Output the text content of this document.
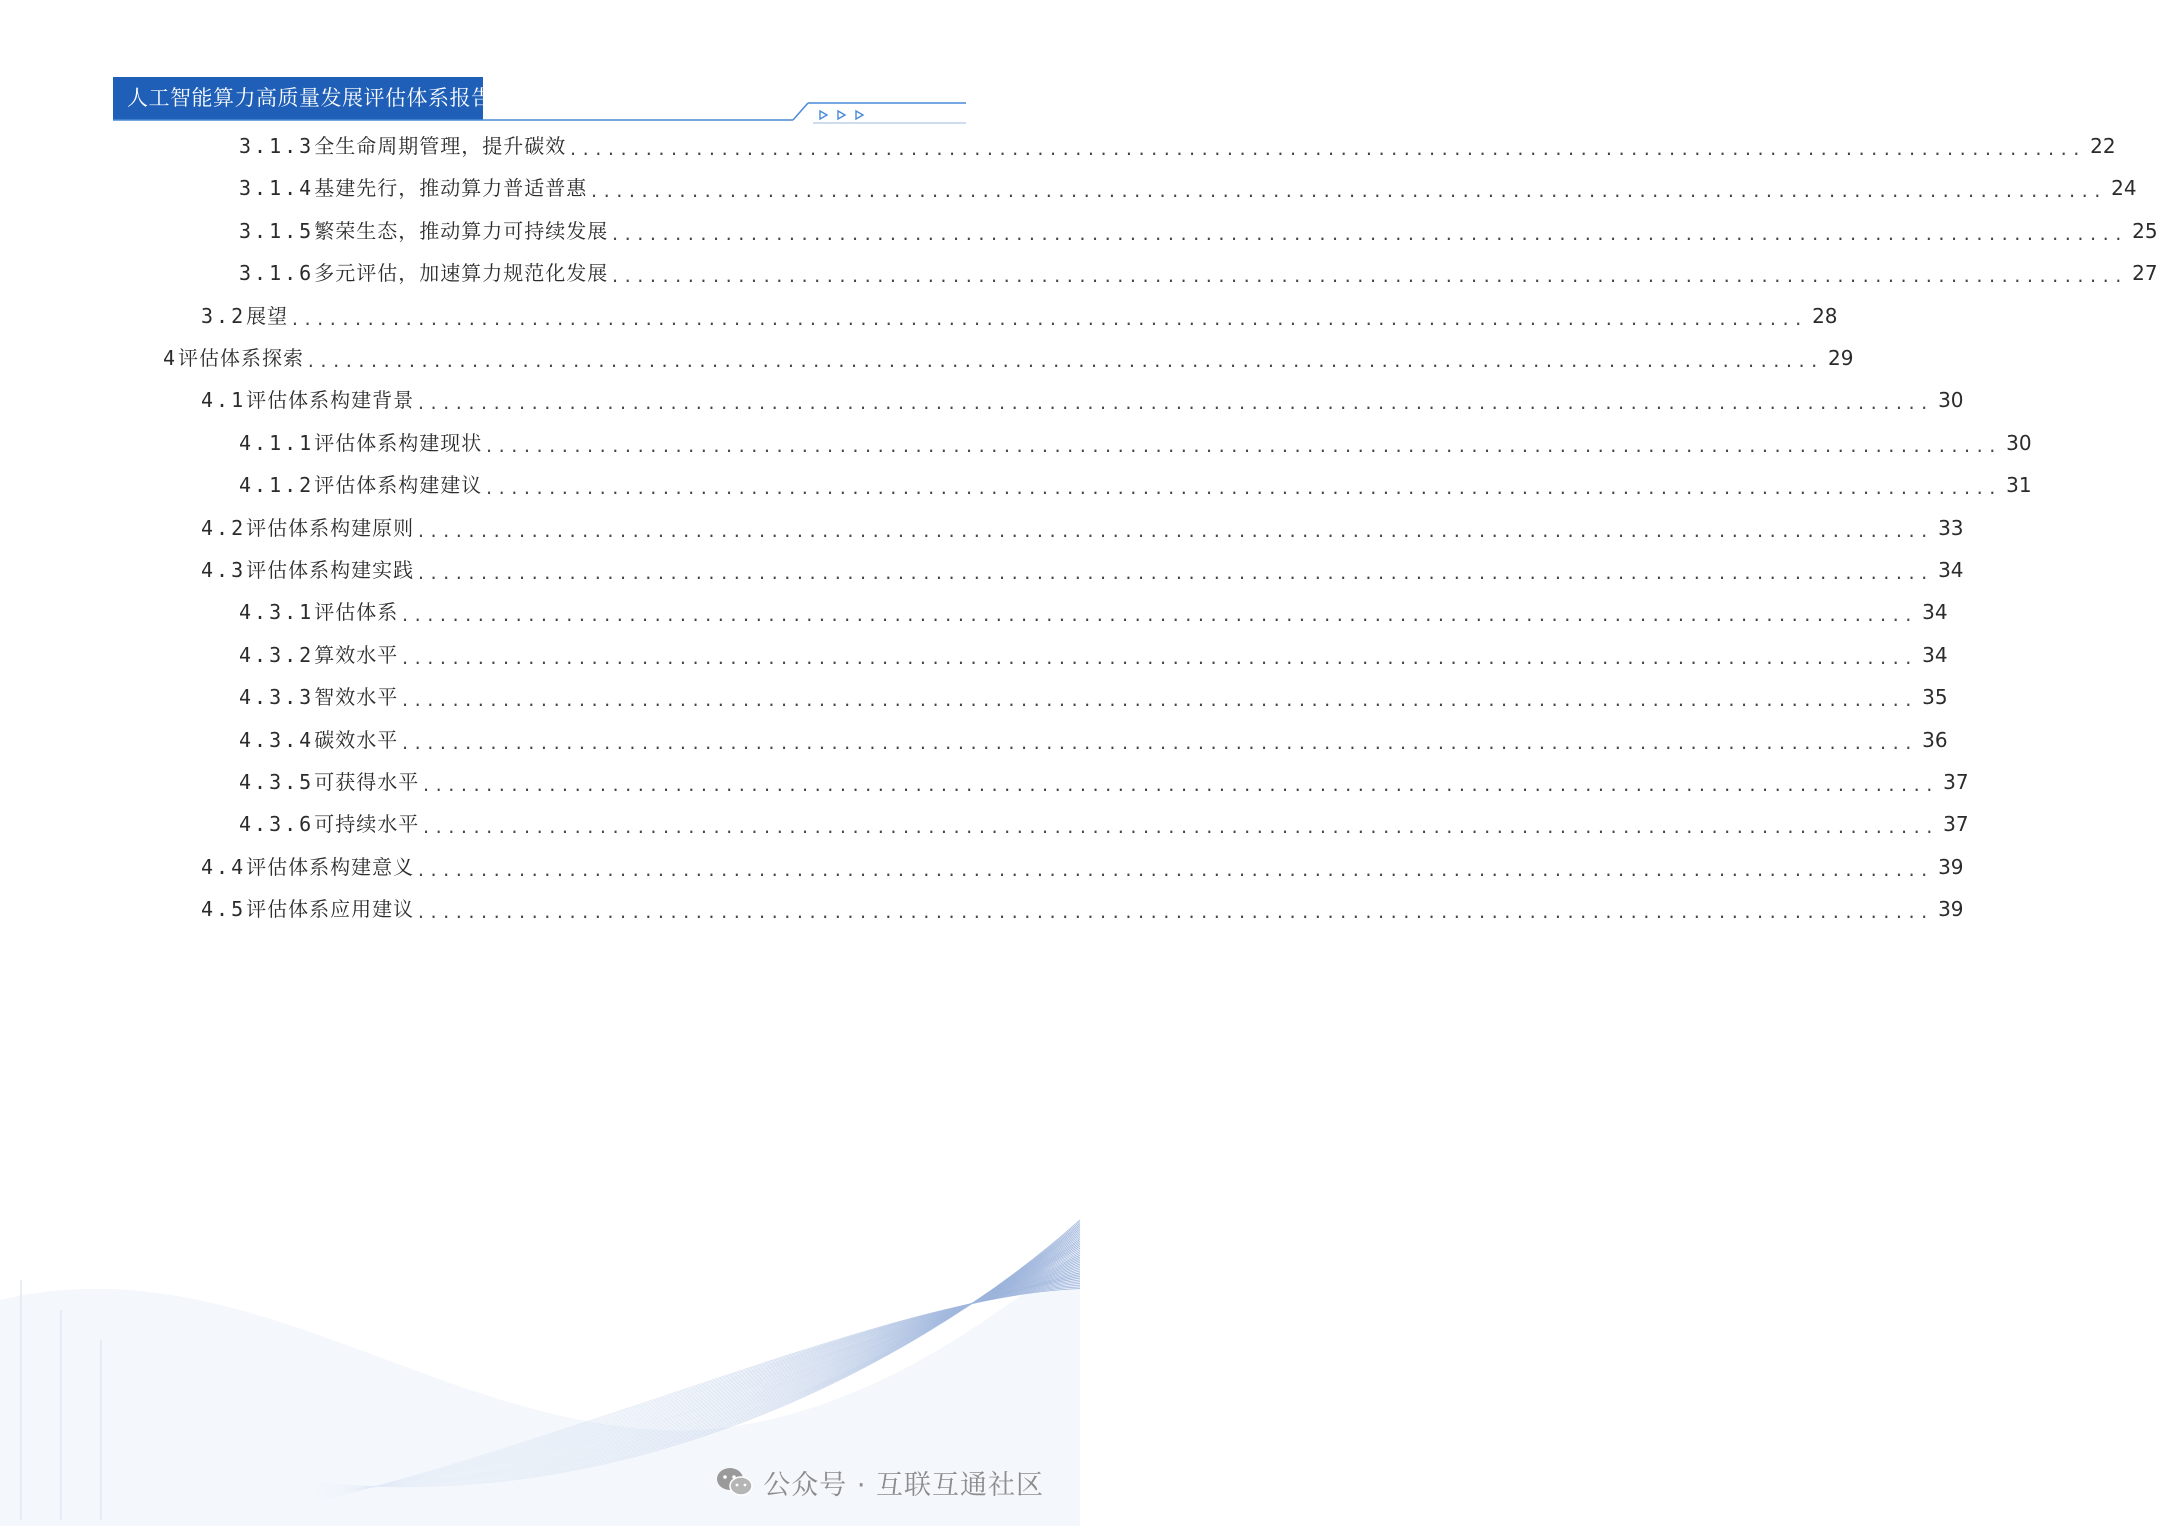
人工智能算力高质量发展评估体系报告
3.1.3 全生命周期管理，提升碳效 ........................................................................................................................ 22
3.1.4 基建先行，推动算力普适普惠 ........................................................................................................................ 24
3.1.5 繁荣生态，推动算力可持续发展 ........................................................................................................................ 25
3.1.6 多元评估，加速算力规范化发展 ........................................................................................................................ 27
3.2 展望 ........................................................................................................................ 28
4 评估体系探索 ........................................................................................................................ 29
4.1 评估体系构建背景 ........................................................................................................................ 30
4.1.1 评估体系构建现状 ........................................................................................................................ 30
4.1.2 评估体系构建建议 ........................................................................................................................ 31
4.2 评估体系构建原则 ........................................................................................................................ 33
4.3 评估体系构建实践 ........................................................................................................................ 34
4.3.1 评估体系 ........................................................................................................................ 34
4.3.2 算效水平 ........................................................................................................................ 34
4.3.3 智效水平 ........................................................................................................................ 35
4.3.4 碳效水平 ........................................................................................................................ 36
4.3.5 可获得水平 ........................................................................................................................ 37
4.3.6 可持续水平 ........................................................................................................................ 37
4.4 评估体系构建意义 ........................................................................................................................ 39
4.5 评估体系应用建议 ........................................................................................................................ 39
公众号 · 互联互通社区
